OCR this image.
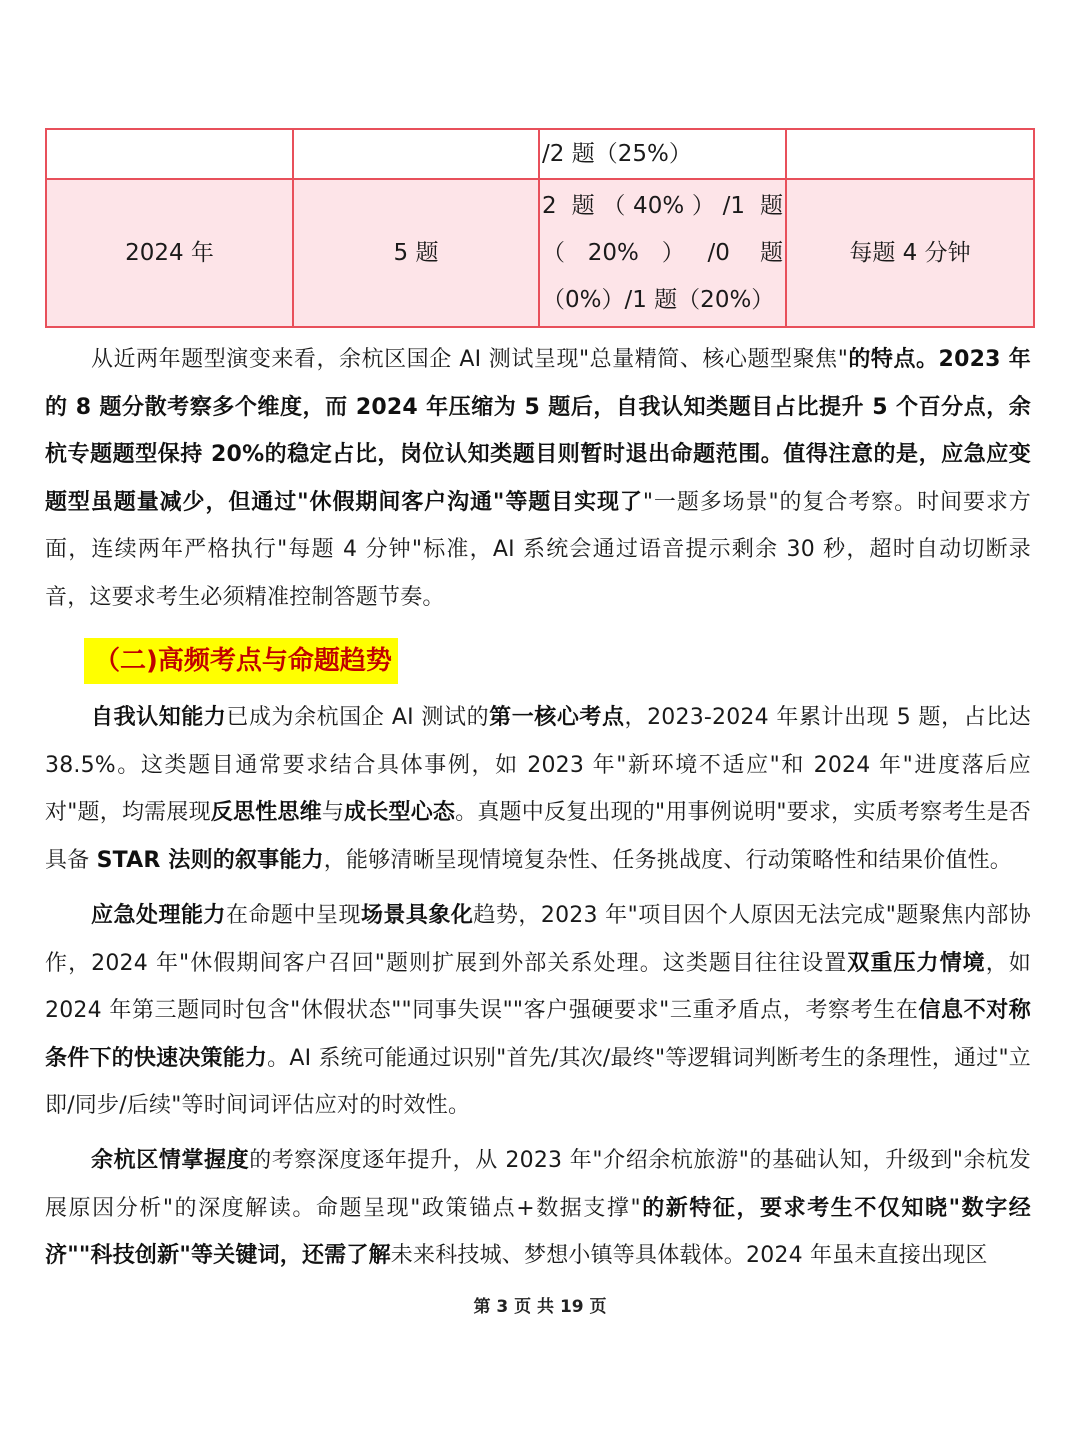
		/2 题（25%）	
2024 年	5 题	2 题（40%）/1 题（20%）/0 题（0%）/1 题（20%）	每题 4 分钟

从近两年题型演变来看，余杭区国企 AI 测试呈现"总量精简、核心题型聚焦"的特点。2023 年的 8 题分散考察多个维度，而 2024 年压缩为 5 题后，自我认知类题目占比提升 5 个百分点，余杭专题题型保持 20%的稳定占比，岗位认知类题目则暂时退出命题范围。值得注意的是，应急应变题型虽题量减少，但通过"休假期间客户沟通"等题目实现了"一题多场景"的复合考察。时间要求方面，连续两年严格执行"每题 4 分钟"标准，AI 系统会通过语音提示剩余 30 秒，超时自动切断录音，这要求考生必须精准控制答题节奏。

（二)高频考点与命题趋势

自我认知能力已成为余杭国企 AI 测试的第一核心考点，2023-2024 年累计出现 5 题，占比达 38.5%。这类题目通常要求结合具体事例，如 2023 年"新环境不适应"和 2024 年"进度落后应对"题，均需展现反思性思维与成长型心态。真题中反复出现的"用事例说明"要求，实质考察考生是否具备 STAR 法则的叙事能力，能够清晰呈现情境复杂性、任务挑战度、行动策略性和结果价值性。

应急处理能力在命题中呈现场景具象化趋势，2023 年"项目因个人原因无法完成"题聚焦内部协作，2024 年"休假期间客户召回"题则扩展到外部关系处理。这类题目往往设置双重压力情境，如 2024 年第三题同时包含"休假状态""同事失误""客户强硬要求"三重矛盾点，考察考生在信息不对称条件下的快速决策能力。AI 系统可能通过识别"首先/其次/最终"等逻辑词判断考生的条理性，通过"立即/同步/后续"等时间词评估应对的时效性。

余杭区情掌握度的考察深度逐年提升，从 2023 年"介绍余杭旅游"的基础认知，升级到"余杭发展原因分析"的深度解读。命题呈现"政策锚点+数据支撑"的新特征，要求考生不仅知晓"数字经济""科技创新"等关键词，还需了解未来科技城、梦想小镇等具体载体。2024 年虽未直接出现区

第 3 页 共 19 页
